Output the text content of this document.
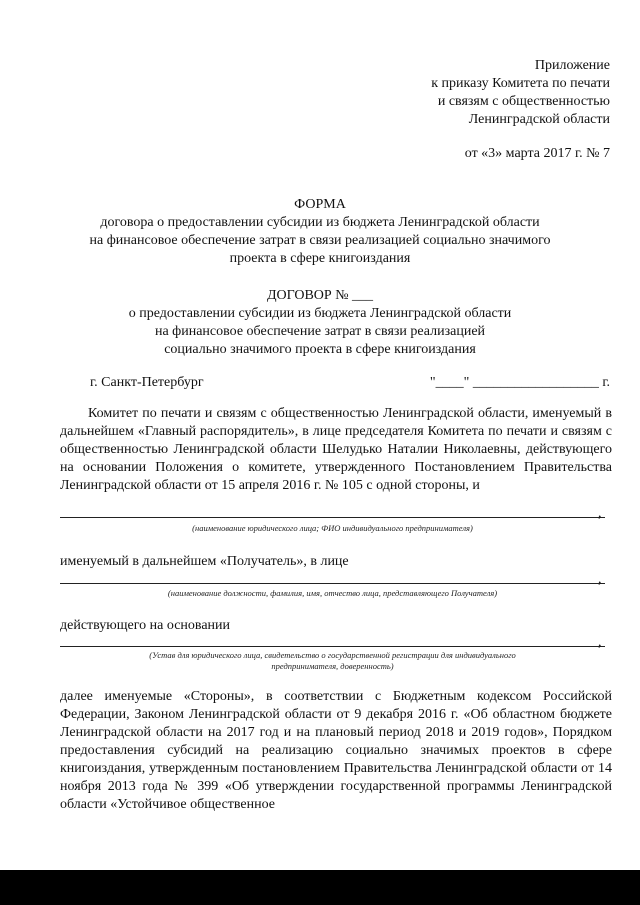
Приложение
к приказу Комитета по печати
и связям с общественностью
Ленинградской области
от «3» марта 2017 г. № 7
ФОРМА
договора о предоставлении субсидии из бюджета Ленинградской области
на финансовое обеспечение затрат в связи реализацией социально значимого
проекта в сфере книгоиздания
ДОГОВОР № ___
о предоставлении субсидии из бюджета Ленинградской области
на финансовое обеспечение затрат в связи реализацией
социально значимого проекта в сфере книгоиздания
г. Санкт-Петербург	"____" __________________ г.
Комитет по печати и связям с общественностью Ленинградской области, именуемый в дальнейшем «Главный распорядитель», в лице председателя Комитета по печати и связям с общественностью Ленинградской области Шелудько Наталии Николаевны, действующего на основании Положения о комитете, утвержденного Постановлением Правительства Ленинградской области от 15 апреля 2016 г. № 105 с одной стороны, и
,
(наименование юридического лица; ФИО индивидуального предпринимателя)
именуемый в дальнейшем «Получатель», в лице
,
(наименование должности, фамилия, имя, отчество лица, представляющего Получателя)
действующего на основании
,
(Устав для юридического лица, свидетельство о государственной регистрации для индивидуального
предпринимателя, доверенность)
далее именуемые «Стороны», в соответствии с Бюджетным кодексом Российской Федерации, Законом Ленинградской области от 9 декабря 2016 г. «Об областном бюджете Ленинградской области на 2017 год и на плановый период 2018 и 2019 годов», Порядком предоставления субсидий на реализацию социально значимых проектов в сфере книгоиздания, утвержденным постановлением Правительства Ленинградской области от 14 ноября 2013 года № 399 «Об утверждении государственной программы Ленинградской области «Устойчивое общественное
